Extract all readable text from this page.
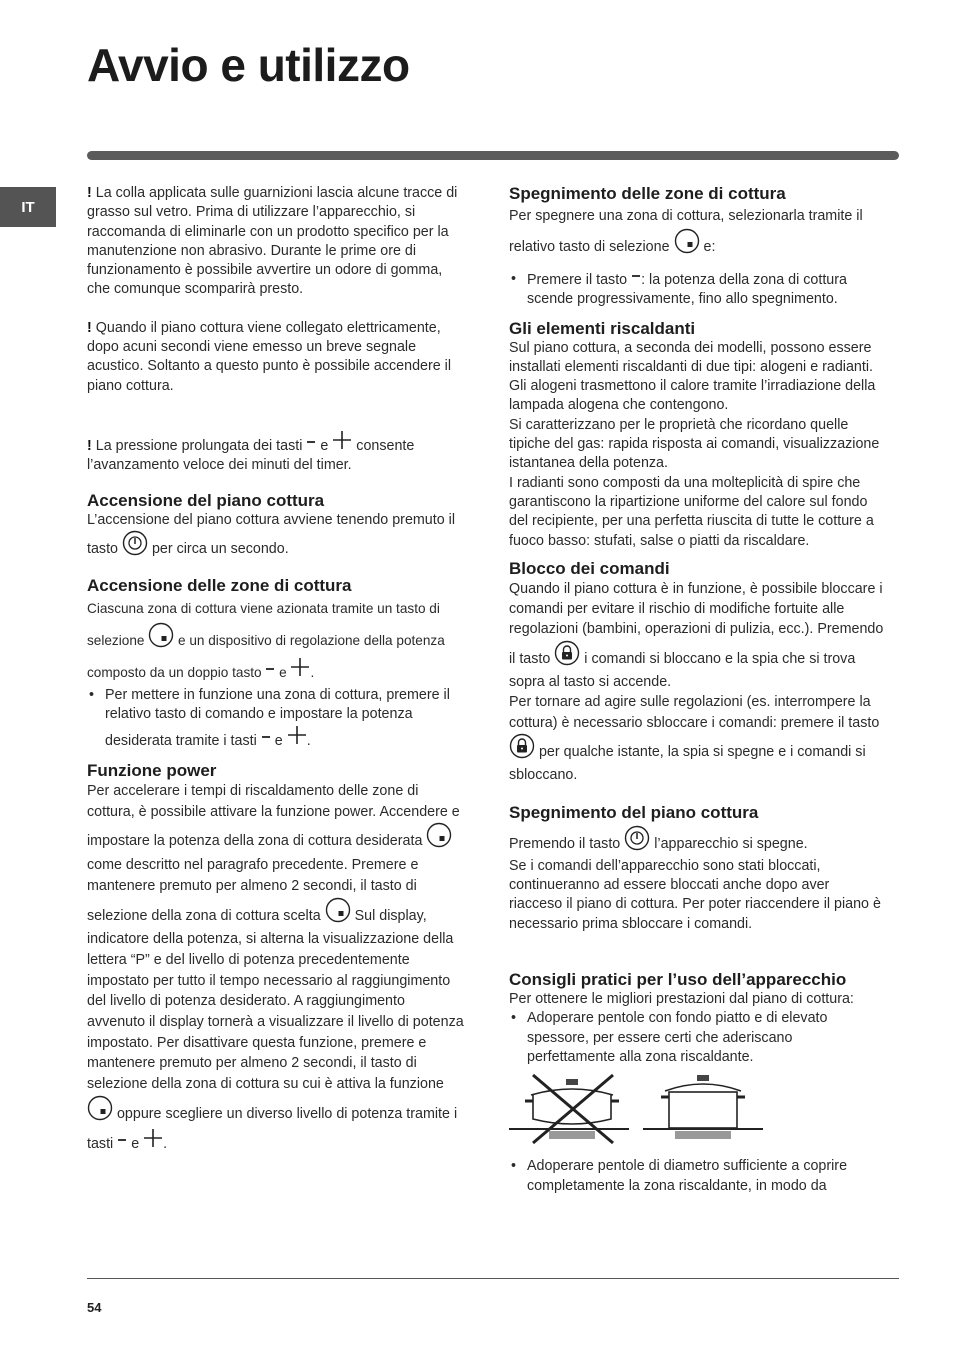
Avvio e utilizzo
IT

! La colla applicata sulle guarnizioni lascia alcune tracce di grasso sul vetro. Prima di utilizzare l’apparecchio, si raccomanda di eliminarle con un prodotto specifico per la manutenzione non abrasivo. Durante le prime ore di funzionamento è possibile avvertire un odore di gomma, che comunque scomparirà presto.

! Quando il piano cottura viene collegato elettricamente, dopo acuni secondi viene emesso un breve segnale acustico. Soltanto a questo punto è possibile accendere il piano cottura.

! La pressione prolungata dei tasti e consente l’avanzamento veloce dei minuti del timer.

Accensione del piano cottura

L’accensione del piano cottura avviene tenendo premuto il tasto per circa un secondo.

Accensione delle zone di cottura

Ciascuna zona di cottura viene azionata tramite un tasto di selezione e un dispositivo di regolazione della potenza composto da un doppio tasto e .

• Per mettere in funzione una zona di cottura, premere il relativo tasto di comando e impostare la potenza desiderata tramite i tasti e .
Funzione power

Per accelerare i tempi di riscaldamento delle zone di cottura, è possibile attivare la funzione power. Accendere e impostare la potenza della zona di cottura desiderata  come descritto nel paragrafo precedente. Premere e mantenere premuto per almeno 2 secondi, il tasto di selezione della zona di cottura scelta Sul display, indicatore della potenza, si alterna la visualizzazione della lettera “P” e del livello di potenza precedentemente impostato per tutto il tempo necessario al raggiungimento del livello di potenza desiderato. A raggiungimento avvenuto il display tornerà a visualizzare il livello di potenza impostato. Per disattivare questa funzione, premere e mantenere premuto per almeno 2 secondi, il tasto di selezione della zona di cottura su cui è attiva la funzione  oppure scegliere un diverso livello di potenza tramite i tasti e .

Spegnimento delle zone di cottura

Per spegnere una zona di cottura, selezionarla tramite il relativo tasto di selezione e:

• Premere il tasto : la potenza della zona di cottura scende progressivamente, fino allo spegnimento.
Gli elementi riscaldanti

Sul piano cottura, a seconda dei modelli, possono essere installati elementi riscaldanti di due tipi: alogeni e radianti.

Gli alogeni trasmettono il calore tramite l’irradiazione della lampada alogena che contengono.

Si caratterizzano per le proprietà che ricordano quelle tipiche del gas: rapida risposta ai comandi, visualizzazione istantanea della potenza.

I radianti sono composti da una molteplicità di spire che garantiscono la ripartizione uniforme del calore sul fondo del recipiente, per una perfetta riuscita di tutte le cotture a fuoco basso: stufati, salse o piatti da riscaldare.

Blocco dei comandi

Quando il piano cottura è in funzione, è possibile bloccare i comandi per evitare il rischio di modifiche fortuite alle regolazioni (bambini, operazioni di pulizia, ecc.). Premendo il tasto i comandi si bloccano e la spia che si trova sopra al tasto si accende.

Per tornare ad agire sulle regolazioni (es. interrompere la cottura) è necessario sbloccare i comandi: premere il tasto  per qualche istante, la spia si spegne e i comandi si sbloccano.

Spegnimento del piano cottura

Premendo il tasto l’apparecchio si spegne.

Se i comandi dell’apparecchio sono stati bloccati, continueranno ad essere bloccati anche dopo aver riacceso il piano di cottura. Per poter riaccendere il piano è necessario prima sbloccare i comandi.

Consigli pratici per l’uso dell’apparecchio

Per ottenere le migliori prestazioni dal piano di cottura:

• Adoperare pentole con fondo piatto e di elevato spessore, per essere certi che aderiscano perfettamente alla zona riscaldante.
• Adoperare pentole di diametro sufficiente a coprire completamente la zona riscaldante, in modo da
54
